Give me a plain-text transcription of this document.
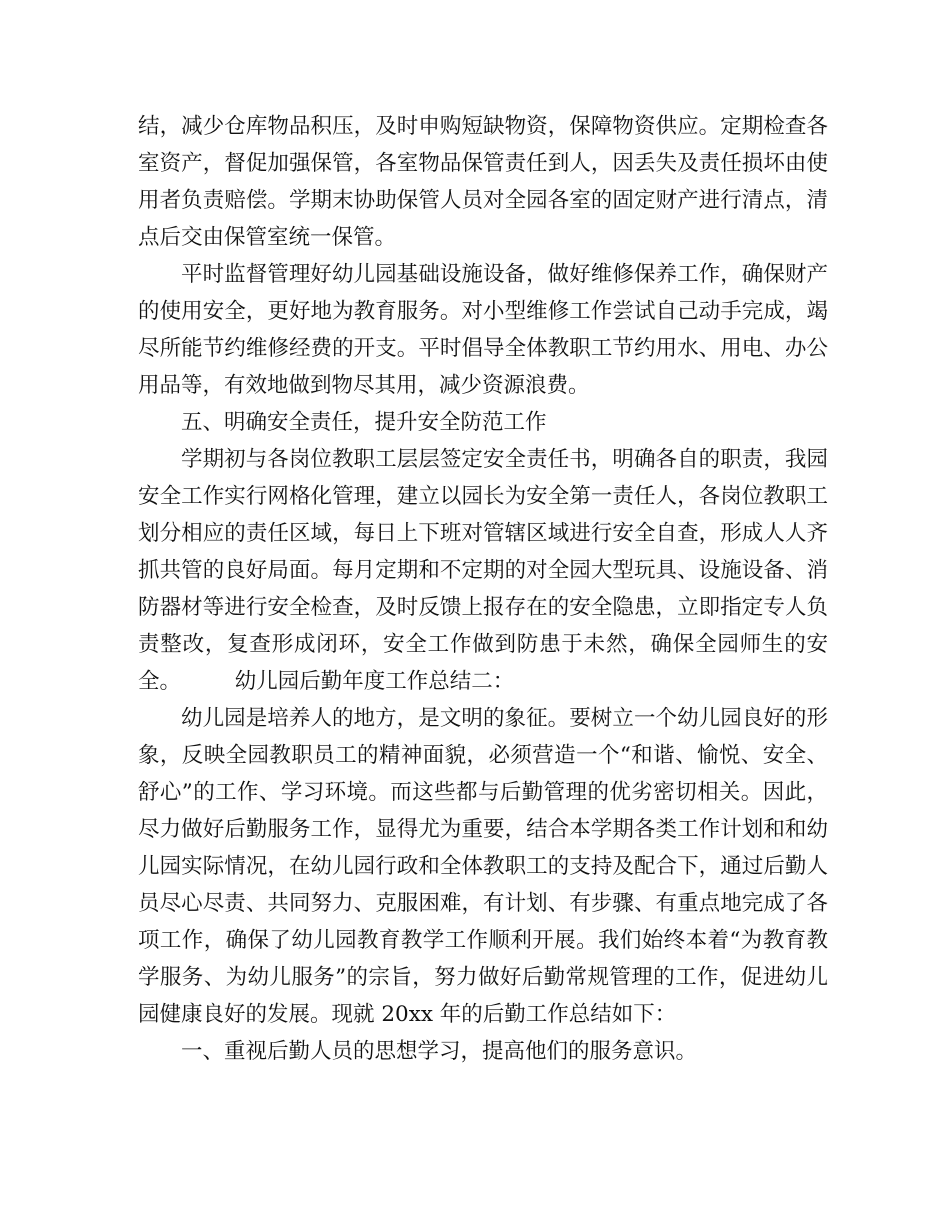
结，减少仓库物品积压，及时申购短缺物资，保障物资供应。定期检查各室资产，督促加强保管，各室物品保管责任到人，因丢失及责任损坏由使用者负责赔偿。学期末协助保管人员对全园各室的固定财产进行清点，清点后交由保管室统一保管。

平时监督管理好幼儿园基础设施设备，做好维修保养工作，确保财产的使用安全，更好地为教育服务。对小型维修工作尝试自己动手完成，竭尽所能节约维修经费的开支。平时倡导全体教职工节约用水、用电、办公用品等，有效地做到物尽其用，减少资源浪费。

五、明确安全责任，提升安全防范工作

学期初与各岗位教职工层层签定安全责任书，明确各自的职责，我园安全工作实行网格化管理，建立以园长为安全第一责任人，各岗位教职工划分相应的责任区域，每日上下班对管辖区域进行安全自查，形成人人齐抓共管的良好局面。每月定期和不定期的对全园大型玩具、设施设备、消防器材等进行安全检查，及时反馈上报存在的安全隐患，立即指定专人负责整改，复查形成闭环，安全工作做到防患于未然，确保全园师生的安全。　　　幼儿园后勤年度工作总结二：

幼儿园是培养人的地方，是文明的象征。要树立一个幼儿园良好的形象，反映全园教职员工的精神面貌，必须营造一个“和谐、愉悦、安全、舒心”的工作、学习环境。而这些都与后勤管理的优劣密切相关。因此，尽力做好后勤服务工作，显得尤为重要，结合本学期各类工作计划和和幼儿园实际情况，在幼儿园行政和全体教职工的支持及配合下，通过后勤人员尽心尽责、共同努力、克服困难，有计划、有步骤、有重点地完成了各项工作，确保了幼儿园教育教学工作顺利开展。我们始终本着“为教育教学服务、为幼儿服务”的宗旨，努力做好后勤常规管理的工作，促进幼儿园健康良好的发展。现就 20xx 年的后勤工作总结如下：

一、重视后勤人员的思想学习，提高他们的服务意识。
